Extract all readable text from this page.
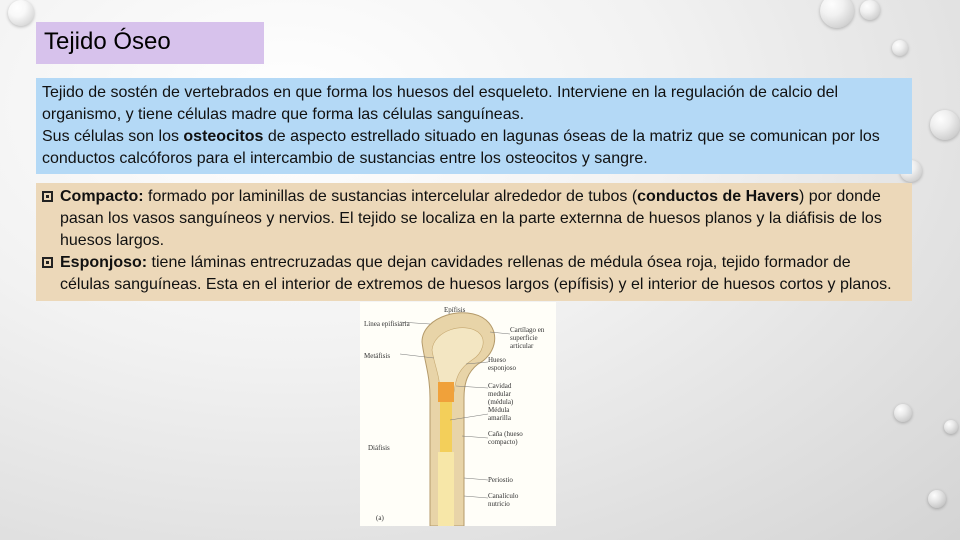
Tejido Óseo
Tejido de sostén de vertebrados en que forma los huesos del esqueleto. Interviene en la regulación de calcio del organismo, y tiene células madre que forma las células sanguíneas.
Sus células son los osteocitos de aspecto estrellado situado en lagunas óseas de la matriz que se comunican por los conductos calcóforos para el intercambio de sustancias entre los osteocitos y sangre.
Compacto: formado por laminillas de sustancias intercelular alrededor de tubos (conductos de Havers) por donde pasan los vasos sanguíneos y nervios. El tejido se localiza en la parte externna de huesos planos y la diáfisis de los huesos largos.
Esponjoso: tiene láminas entrecruzadas que dejan cavidades rellenas de médula ósea roja, tejido formador de células sanguíneas. Esta en el interior de extremos de huesos largos (epífisis) y el interior de huesos cortos y planos.
Epífisis
Línea epifisiaria
Metáfisis
Diáfisis
Cartílago en superficie articular
Hueso esponjoso
Cavidad medular (médula)
Médula amarilla
Caña (hueso compacto)
Periostio
Canalículo nutricio
(a)
